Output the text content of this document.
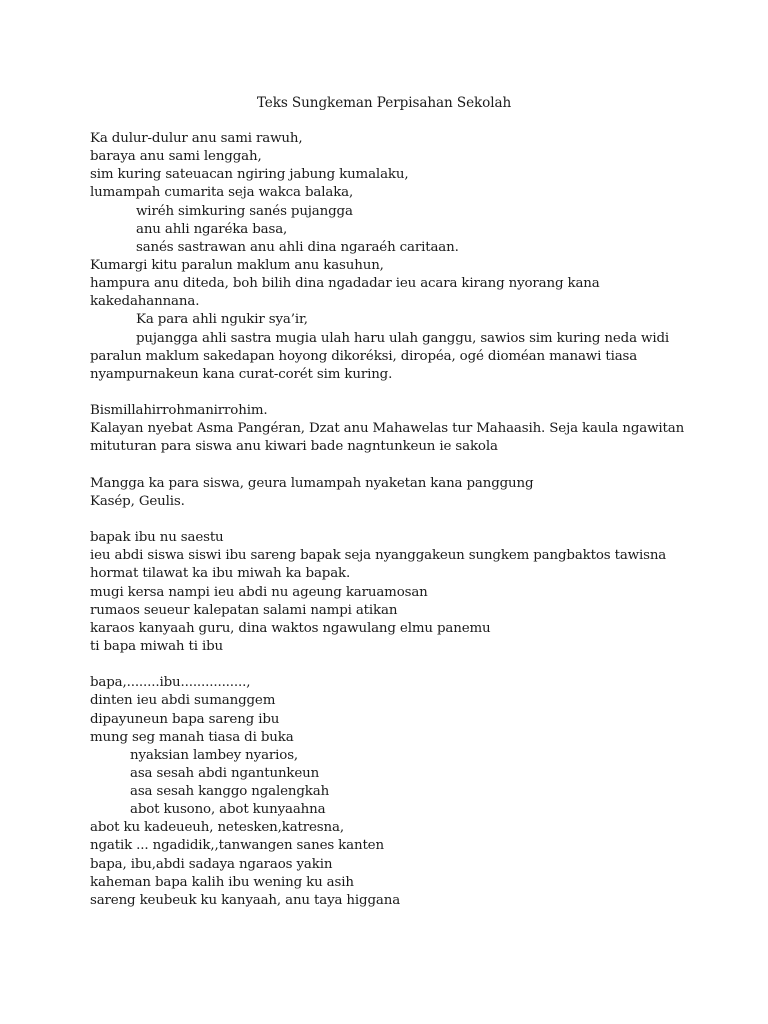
Teks Sungkeman Perpisahan Sekolah
Ka dulur-dulur anu sami rawuh,
baraya anu sami lenggah,
sim kuring sateuacan ngiring jabung kumalaku,
lumampah cumarita seja wakca balaka,
wiréh simkuring sanés pujangga
anu ahli ngaréka basa,
sanés sastrawan anu ahli dina ngaraéh caritaan.
Kumargi kitu paralun maklum anu kasuhun,
hampura anu diteda, boh bilih dina ngadadar ieu acara kirang nyorang kana
kakedahannana.
Ka para ahli ngukir sya’ir,
pujangga ahli sastra mugia ulah haru ulah ganggu, sawios sim kuring neda widi
paralun maklum sakedapan hoyong dikoréksi, diropéa, ogé dioméan manawi tiasa
nyampurnakeun kana curat-corét sim kuring.
Bismillahirrohmanirrohim.
Kalayan nyebat Asma Pangéran, Dzat anu Mahawelas tur Mahaasih. Seja kaula ngawitan
mituturan para siswa anu kiwari bade nagntunkeun ie sakola
Mangga ka para siswa, geura lumampah nyaketan kana panggung
Kasép, Geulis.
bapak ibu nu saestu
ieu abdi siswa siswi ibu sareng bapak seja nyanggakeun sungkem pangbaktos tawisna
hormat tilawat ka ibu miwah ka bapak.
mugi kersa nampi ieu abdi nu ageung karuamosan
rumaos seueur kalepatan salami nampi atikan
karaos kanyaah guru, dina waktos ngawulang elmu panemu
ti bapa miwah ti ibu
bapa,........ibu................,
dinten ieu abdi sumanggem
dipayuneun bapa sareng ibu
mung seg manah tiasa di buka
nyaksian lambey nyarios,
asa sesah abdi ngantunkeun
asa sesah kanggo ngalengkah
abot kusono, abot kunyaahna
abot ku kadeueuh, netesken,katresna,
ngatik ... ngadidik,,tanwangen sanes kanten
bapa, ibu,abdi sadaya ngaraos yakin
kaheman bapa kalih ibu wening ku asih
sareng keubeuk ku kanyaah, anu taya higgana
